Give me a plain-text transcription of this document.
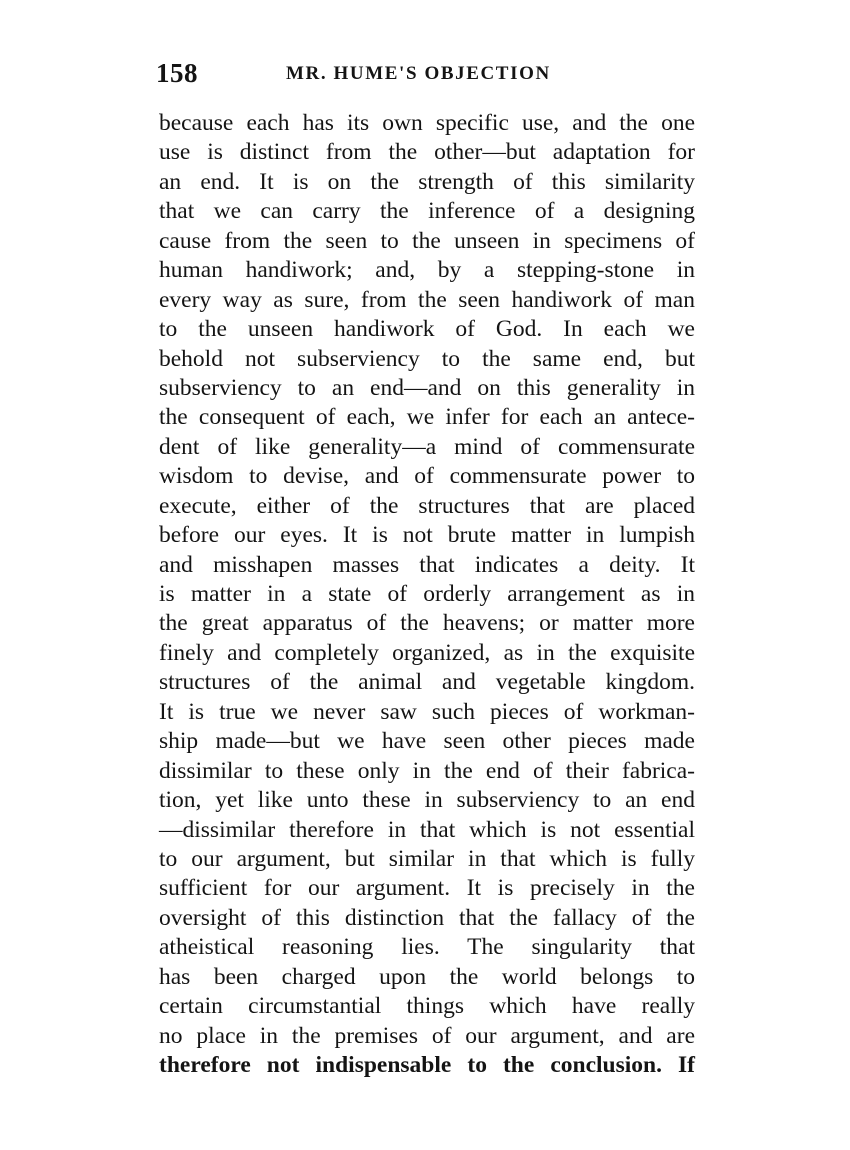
158	MR. HUME'S OBJECTION
because each has its own specific use, and the one
use is distinct from the other—but adaptation for
an end. It is on the strength of this similarity
that we can carry the inference of a designing
cause from the seen to the unseen in specimens of
human handiwork; and, by a stepping-stone in
every way as sure, from the seen handiwork of man
to the unseen handiwork of God. In each we
behold not subserviency to the same end, but
subserviency to an end—and on this generality in
the consequent of each, we infer for each an antece-
dent of like generality—a mind of commensurate
wisdom to devise, and of commensurate power to
execute, either of the structures that are placed
before our eyes. It is not brute matter in lumpish
and misshapen masses that indicates a deity. It
is matter in a state of orderly arrangement as in
the great apparatus of the heavens; or matter more
finely and completely organized, as in the exquisite
structures of the animal and vegetable kingdom.
It is true we never saw such pieces of workman-
ship made—but we have seen other pieces made
dissimilar to these only in the end of their fabrica-
tion, yet like unto these in subserviency to an end
—dissimilar therefore in that which is not essential
to our argument, but similar in that which is fully
sufficient for our argument. It is precisely in the
oversight of this distinction that the fallacy of the
atheistical reasoning lies. The singularity that
has been charged upon the world belongs to
certain circumstantial things which have really
no place in the premises of our argument, and are
therefore not indispensable to the conclusion. If
